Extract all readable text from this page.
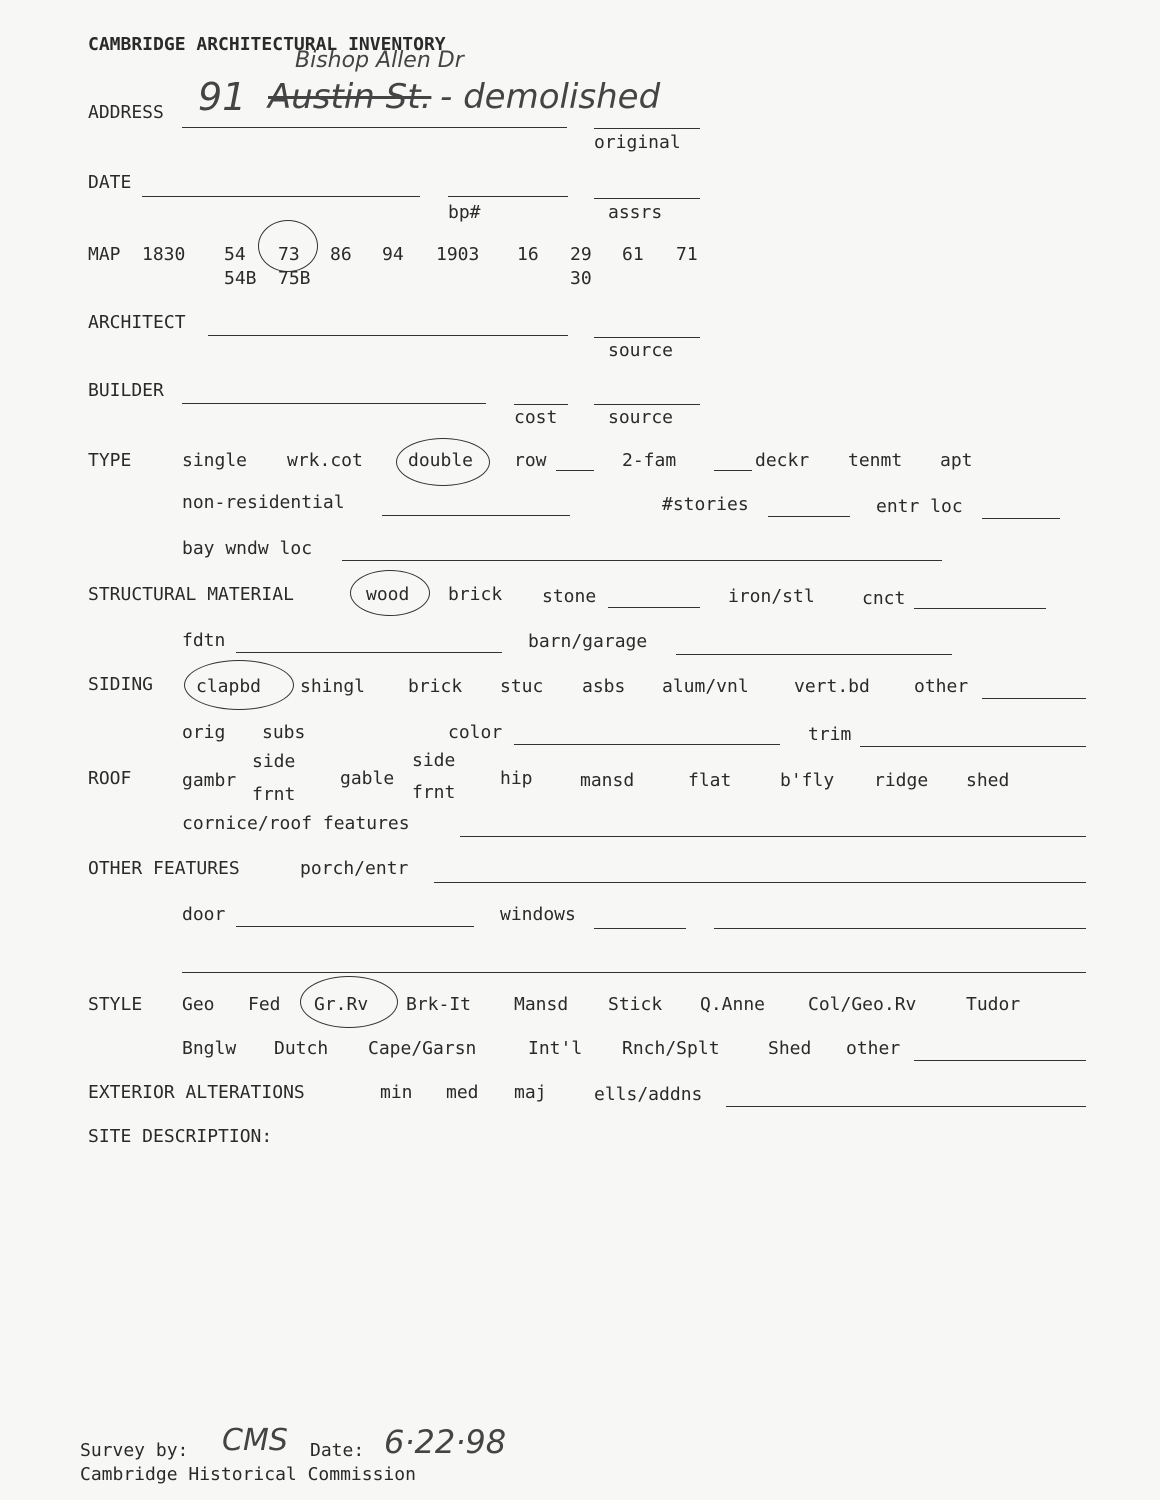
CAMBRIDGE ARCHITECTURAL INVENTORY
ADDRESS
Bishop Allen Dr
91 Austin St. - demolished
original
DATE
bp#	assrs
MAP 1830 54 73 86 94 1903 16 29 61 71
54B 75B	30
ARCHITECT
source
BUILDER
cost	source
TYPE	single wrk.cot	double row	2-fam	deckr tenmt apt
non-residential	#stories	entr loc
bay wndw loc
STRUCTURAL MATERIAL	wood brick stone	iron/stl	cnct
fdtn	barn/garage
SIDING clapbd shingl brick stuc asbs alum/vnl	vert.bd other
orig subs	color	trim
ROOF	gambr
side
frnt
gable
side
frnt
hip	mansd	flat	b'fly ridge shed
cornice/roof features
OTHER FEATURES	porch/entr
door	windows
STYLE Geo Fed Gr.Rv Brk-It Mansd Stick Q.Anne Col/Geo.Rv	Tudor
Bnglw Dutch Cape/Garsn	Int'l Rnch/Splt	Shed other
EXTERIOR ALTERATIONS	min med maj	ells/addns
SITE DESCRIPTION:
Survey by: CMS Date: 6·22·98
Cambridge Historical Commission
